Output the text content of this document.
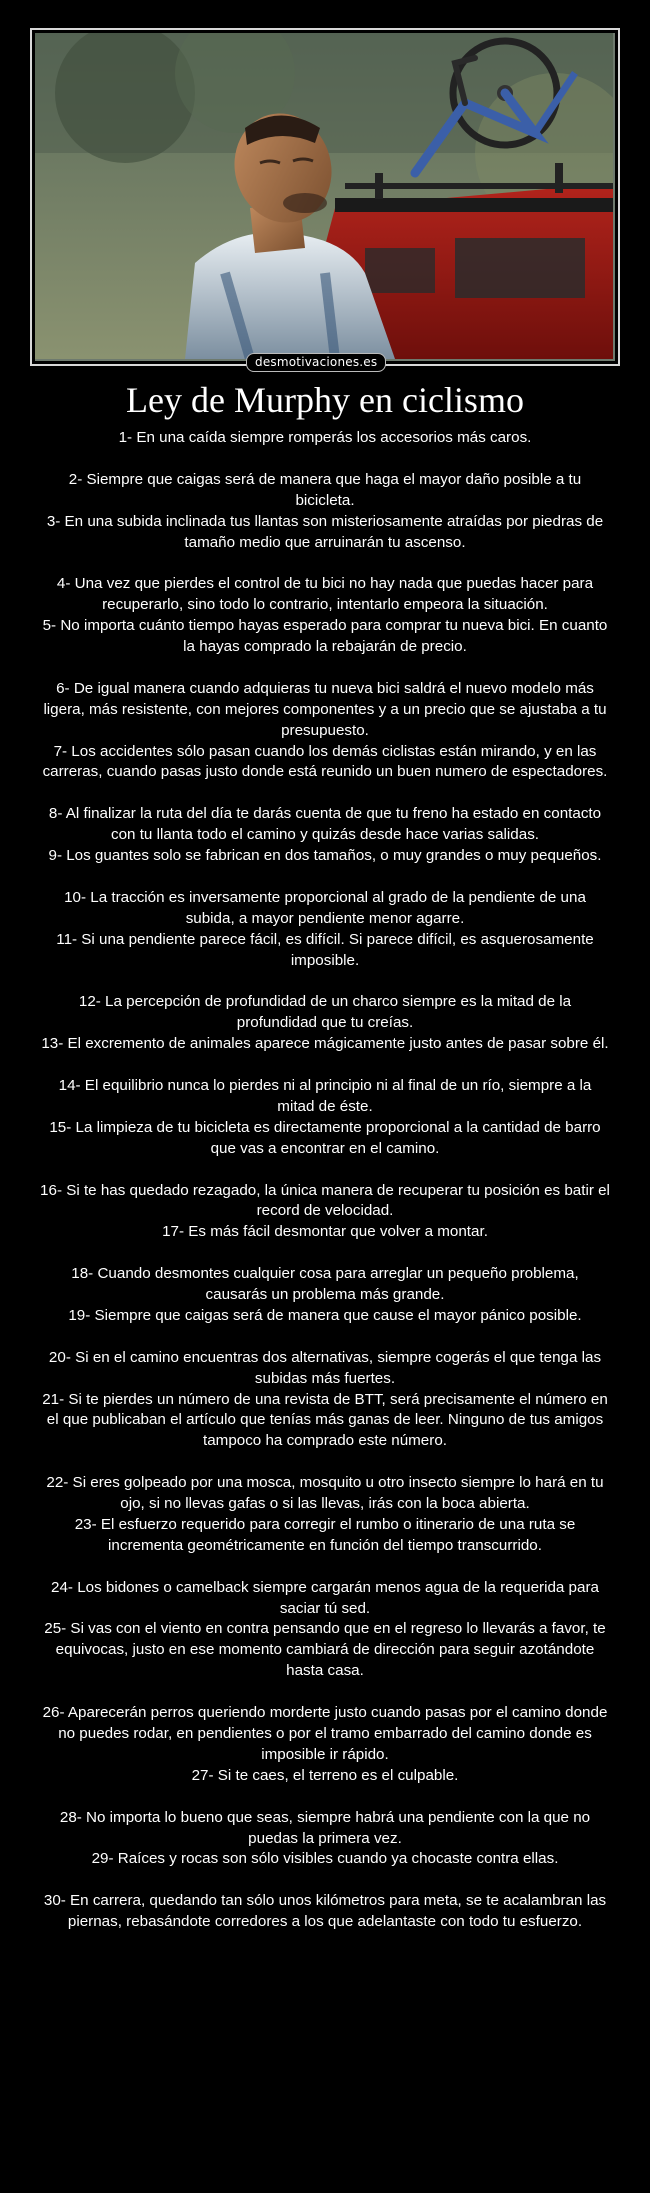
desmotivaciones.es
Ley de Murphy en ciclismo

1- En una caída siempre romperás los accesorios más caros.

2- Siempre que caigas será de manera que haga el mayor daño posible a tu bicicleta.

3- En una subida inclinada tus llantas son misteriosamente atraídas por piedras de tamaño medio que arruinarán tu ascenso.

4- Una vez que pierdes el control de tu bici no hay nada que puedas hacer para recuperarlo, sino todo lo contrario, intentarlo empeora la situación.

5- No importa cuánto tiempo hayas esperado para comprar tu nueva bici. En cuanto la hayas comprado la rebajarán de precio.

6- De igual manera cuando adquieras tu nueva bici saldrá el nuevo modelo más ligera, más resistente, con mejores componentes y a un precio que se ajustaba a tu presupuesto.

7- Los accidentes sólo pasan cuando los demás ciclistas están mirando, y en las carreras, cuando pasas justo donde está reunido un buen numero de espectadores.

8- Al finalizar la ruta del día te darás cuenta de que tu freno ha estado en contacto con tu llanta todo el camino y quizás desde hace varias salidas.

9- Los guantes solo se fabrican en dos tamaños, o muy grandes o muy pequeños.

10- La tracción es inversamente proporcional al grado de la pendiente de una subida, a mayor pendiente menor agarre.

11- Si una pendiente parece fácil, es difícil. Si parece difícil, es asquerosamente imposible.

12- La percepción de profundidad de un charco siempre es la mitad de la profundidad que tu creías.

13- El excremento de animales aparece mágicamente justo antes de pasar sobre él.

14- El equilibrio nunca lo pierdes ni al principio ni al final de un río, siempre a la mitad de éste.

15- La limpieza de tu bicicleta es directamente proporcional a la cantidad de barro que vas a encontrar en el camino.

16- Si te has quedado rezagado, la única manera de recuperar tu posición es batir el record de velocidad.

17- Es más fácil desmontar que volver a montar.

18- Cuando desmontes cualquier cosa para arreglar un pequeño problema, causarás un problema más grande.

19- Siempre que caigas será de manera que cause el mayor pánico posible.

20- Si en el camino encuentras dos alternativas, siempre cogerás el que tenga las subidas más fuertes.

21- Si te pierdes un número de una revista de BTT, será precisamente el número en el que publicaban el artículo que tenías más ganas de leer. Ninguno de tus amigos tampoco ha comprado este número.

22- Si eres golpeado por una mosca, mosquito u otro insecto siempre lo hará en tu ojo, si no llevas gafas o si las llevas, irás con la boca abierta.

23- El esfuerzo requerido para corregir el rumbo o itinerario de una ruta se incrementa geométricamente en función del tiempo transcurrido.

24- Los bidones o camelback siempre cargarán menos agua de la requerida para saciar tú sed.

25- Si vas con el viento en contra pensando que en el regreso lo llevarás a favor, te equivocas, justo en ese momento cambiará de dirección para seguir azotándote hasta casa.

26- Aparecerán perros queriendo morderte justo cuando pasas por el camino donde no puedes rodar, en pendientes o por el tramo embarrado del camino donde es imposible ir rápido.

27- Si te caes, el terreno es el culpable.

28- No importa lo bueno que seas, siempre habrá una pendiente con la que no puedas la primera vez.

29- Raíces y rocas son sólo visibles cuando ya chocaste contra ellas.

30- En carrera, quedando tan sólo unos kilómetros para meta, se te acalambran las piernas, rebasándote corredores a los que adelantaste con todo tu esfuerzo.
